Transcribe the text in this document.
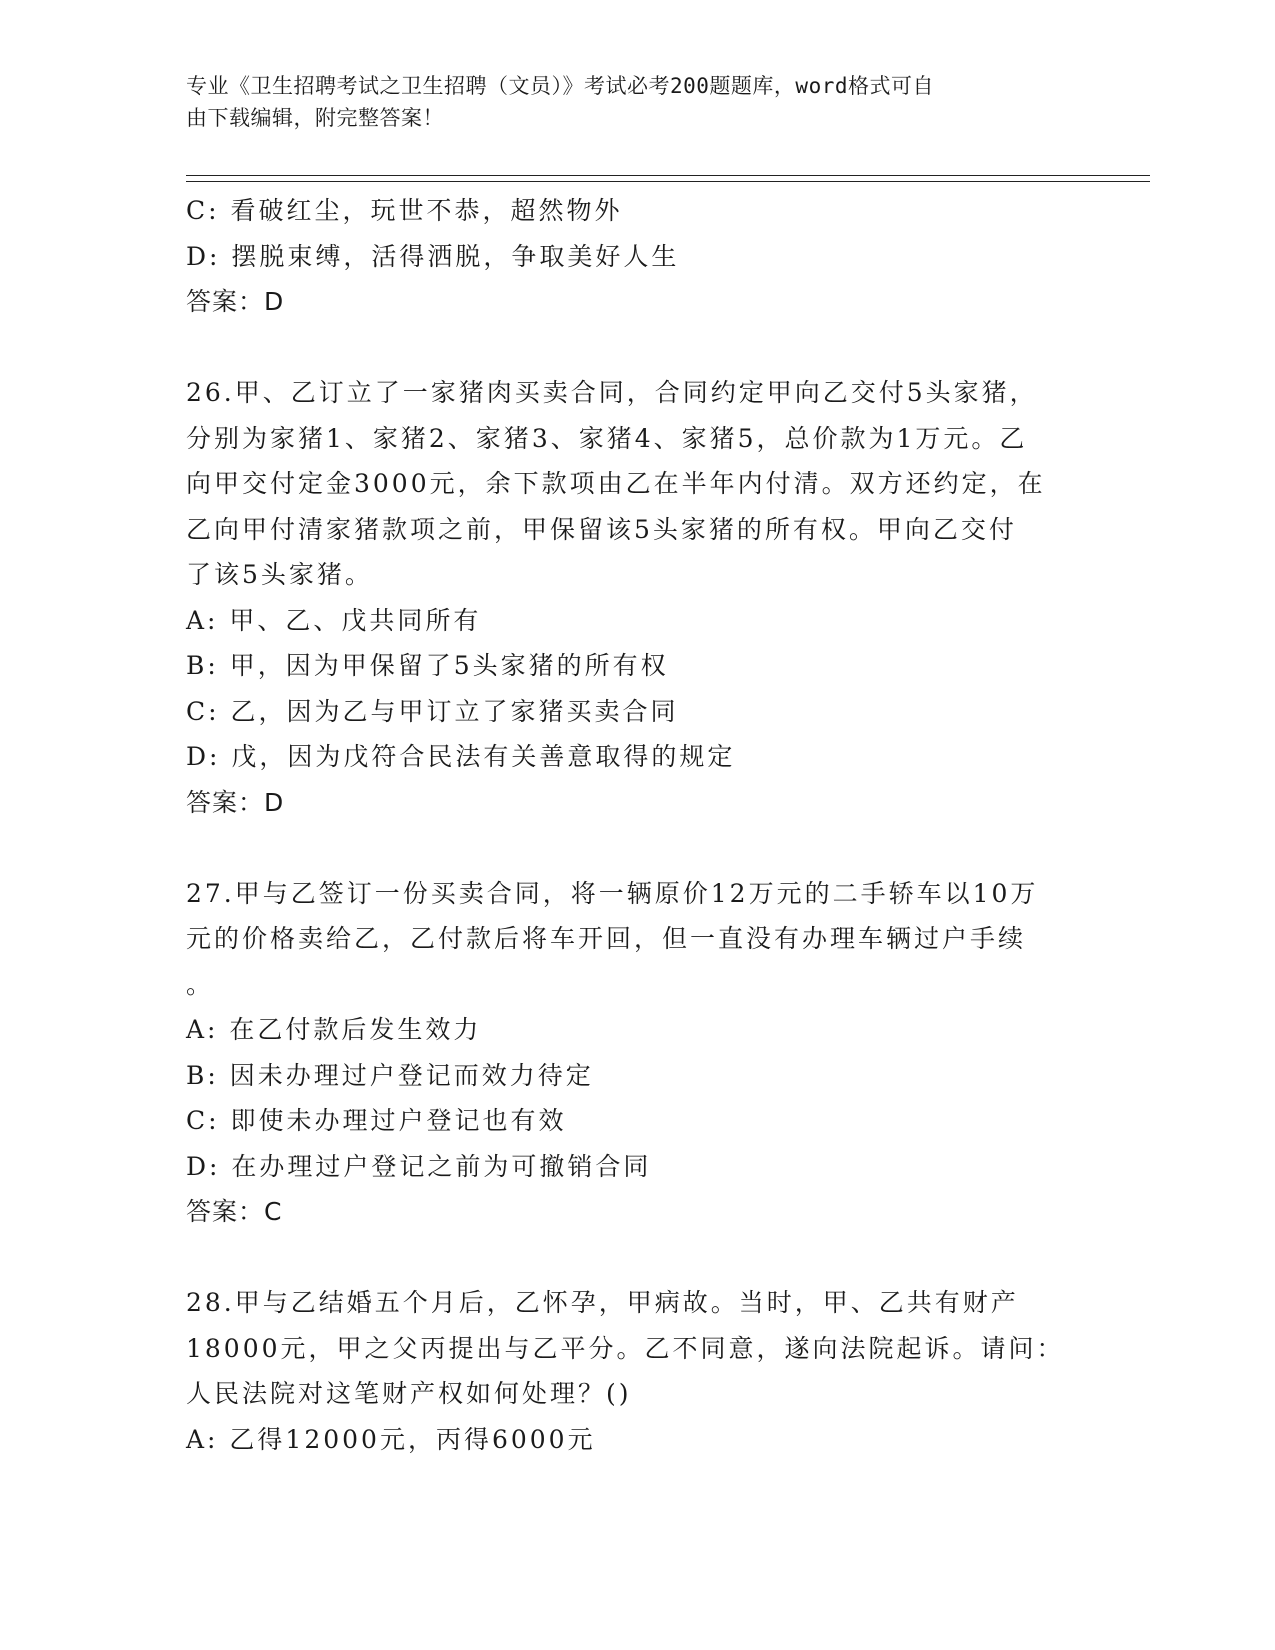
专业《卫生招聘考试之卫生招聘（文员）》考试必考200题题库，word格式可自
由下载编辑，附完整答案！
C: 看破红尘，玩世不恭，超然物外
D: 摆脱束缚，活得洒脱，争取美好人生
答案：D
26.甲、乙订立了一家猪肉买卖合同，合同约定甲向乙交付5头家猪，
分别为家猪1、家猪2、家猪3、家猪4、家猪5，总价款为1万元。乙
向甲交付定金3000元，余下款项由乙在半年内付清。双方还约定，在
乙向甲付清家猪款项之前，甲保留该5头家猪的所有权。甲向乙交付
了该5头家猪。
A: 甲、乙、戊共同所有
B: 甲，因为甲保留了5头家猪的所有权
C: 乙，因为乙与甲订立了家猪买卖合同
D: 戊，因为戊符合民法有关善意取得的规定
答案：D
27.甲与乙签订一份买卖合同，将一辆原价12万元的二手轿车以10万
元的价格卖给乙，乙付款后将车开回，但一直没有办理车辆过户手续
。
A: 在乙付款后发生效力
B: 因未办理过户登记而效力待定
C: 即使未办理过户登记也有效
D: 在办理过户登记之前为可撤销合同
答案：C
28.甲与乙结婚五个月后，乙怀孕，甲病故。当时，甲、乙共有财产
18000元，甲之父丙提出与乙平分。乙不同意，遂向法院起诉。请问：
人民法院对这笔财产权如何处理？()
A: 乙得12000元，丙得6000元
